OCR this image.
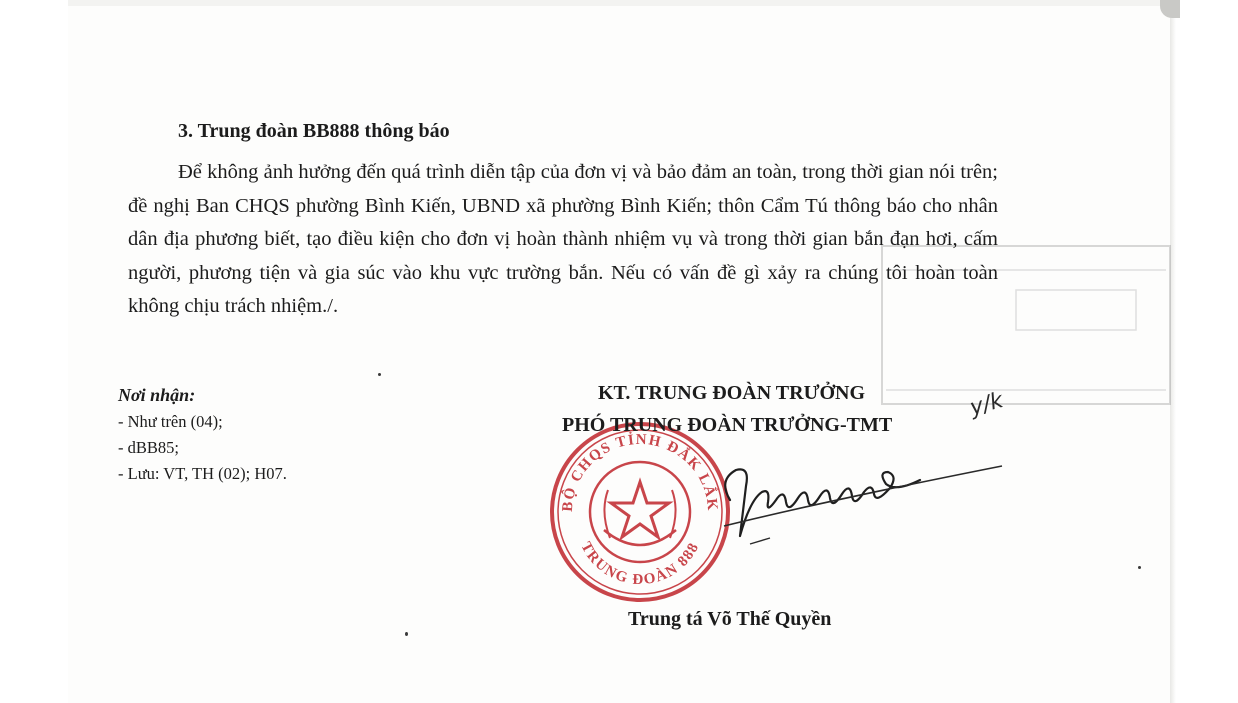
3. Trung đoàn BB888 thông báo

Để không ảnh hưởng đến quá trình diễn tập của đơn vị và bảo đảm an toàn, trong thời gian nói trên; đề nghị Ban CHQS phường Bình Kiến, UBND xã phường Bình Kiến; thôn Cẩm Tú thông báo cho nhân dân địa phương biết, tạo điều kiện cho đơn vị hoàn thành nhiệm vụ và trong thời gian bắn đạn hơi, cấm người, phương tiện và gia súc vào khu vực trường bắn. Nếu có vấn đề gì xảy ra chúng tôi hoàn toàn không chịu trách nhiệm./.

Nơi nhận:

- Như trên (04);
- dBB85;
- Lưu: VT, TH (02); H07.
BỘ CHQS TỈNH ĐẮK LẮK
TRUNG ĐOÀN 888

KT. TRUNG ĐOÀN TRƯỞNG

PHÓ TRUNG ĐOÀN TRƯỞNG-TMT

y/k

Trung tá Võ Thế Quyền
